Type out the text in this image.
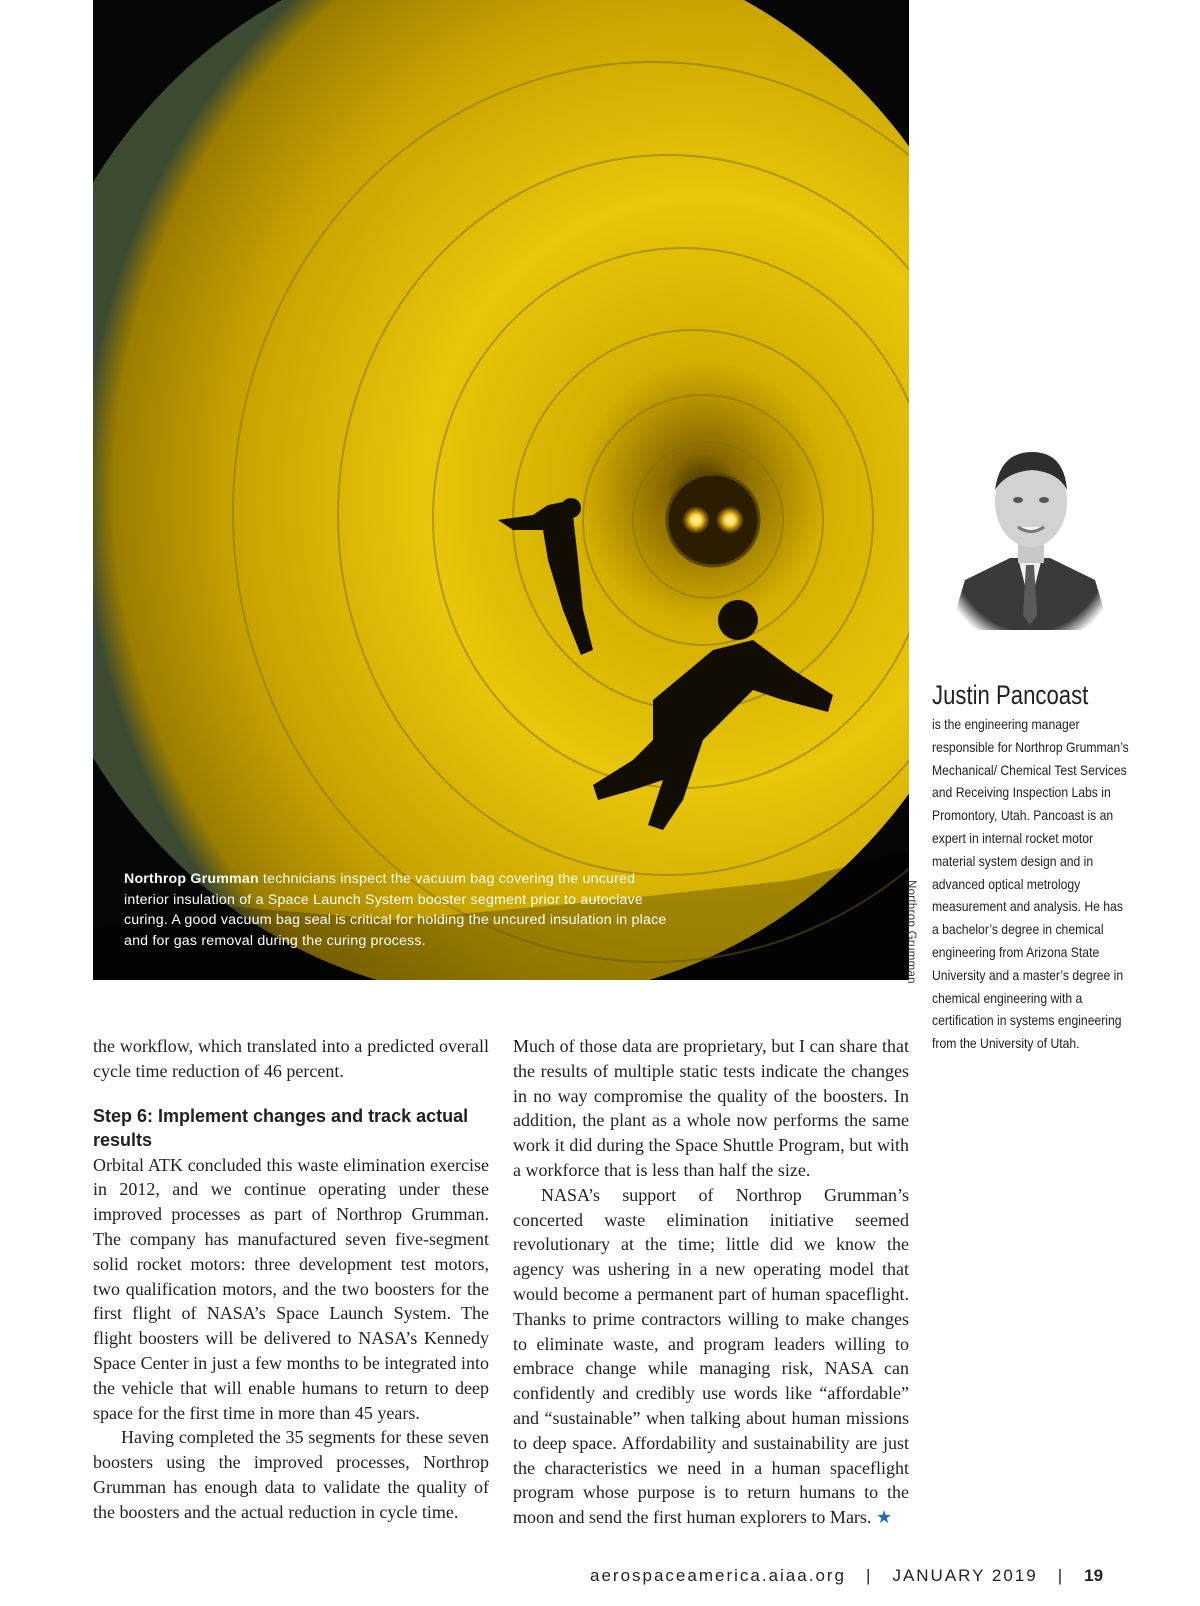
Northrop Grumman technicians inspect the vacuum bag covering the uncured interior insulation of a Space Launch System booster segment prior to autoclave curing. A good vacuum bag seal is critical for holding the uncured insulation in place and for gas removal during the curing process.	Northrop Grumman
Justin Pancoast
is the engineering manager responsible for Northrop Grumman’s Mechanical/ Chemical Test Services and Receiving Inspection Labs in Promontory, Utah. Pancoast is an expert in internal rocket motor material system design and in advanced optical metrology measurement and analysis. He has a bachelor’s degree in chemical engineering from Arizona State University and a master’s degree in chemical engineering with a certification in systems engineering from the University of Utah.

the workflow, which translated into a predicted overall cycle time reduction of 46 percent.

Step 6: Implement changes and track actual results

Orbital ATK concluded this waste elimination exercise in 2012, and we continue operating under these improved processes as part of Northrop Grumman. The company has manufactured seven five-segment solid rocket motors: three development test motors, two qualification motors, and the two boosters for the first flight of NASA’s Space Launch System. The flight boosters will be delivered to NASA’s Kennedy Space Center in just a few months to be integrated into the vehicle that will enable humans to return to deep space for the first time in more than 45 years.

Having completed the 35 segments for these seven boosters using the improved processes, Northrop Grumman has enough data to validate the quality of the boosters and the actual reduction in cycle time.

Much of those data are proprietary, but I can share that the results of multiple static tests indicate the changes in no way compromise the quality of the boosters. In addition, the plant as a whole now performs the same work it did during the Space Shuttle Program, but with a workforce that is less than half the size.

NASA’s support of Northrop Grumman’s concerted waste elimination initiative seemed revolutionary at the time; little did we know the agency was ushering in a new operating model that would become a permanent part of human spaceflight. Thanks to prime contractors willing to make changes to eliminate waste, and program leaders willing to embrace change while managing risk, NASA can confidently and credibly use words like “affordable” and “sustainable” when talking about human missions to deep space. Affordability and sustainability are just the characteristics we need in a human spaceflight program whose purpose is to return humans to the moon and send the first human explorers to Mars. ★

aerospaceamerica.aiaa.org | JANUARY 2019 | 19
